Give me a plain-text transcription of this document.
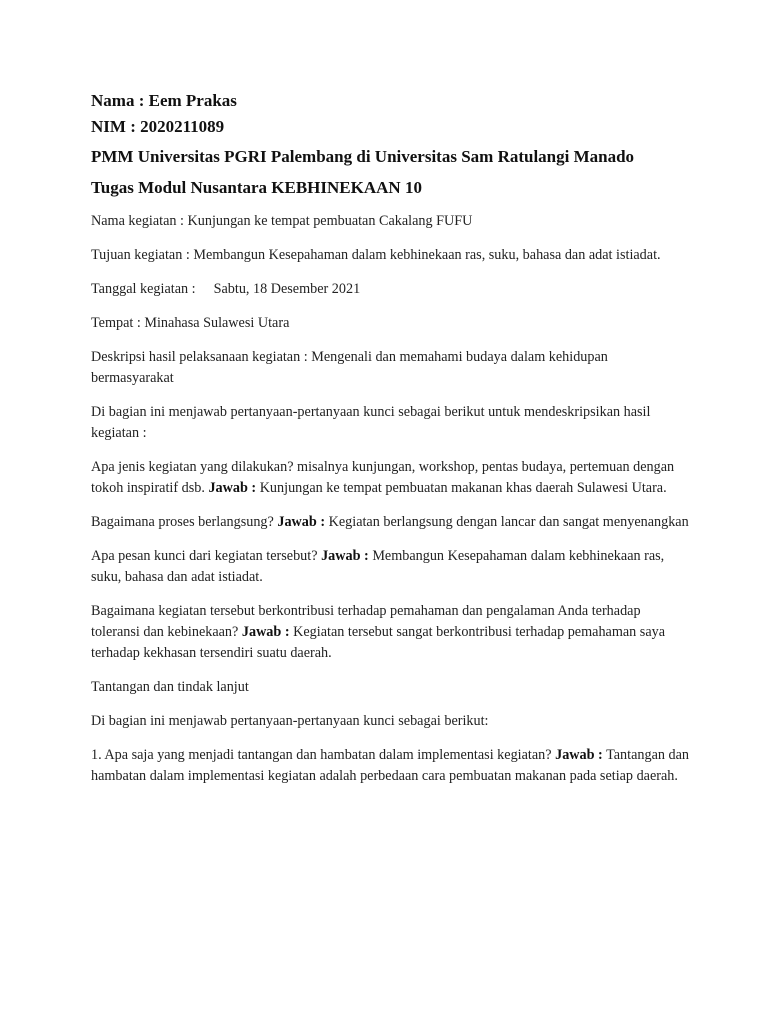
Nama : Eem Prakas

NIM : 2020211089

PMM Universitas PGRI Palembang di Universitas Sam Ratulangi Manado

Tugas Modul Nusantara KEBHINEKAAN 10

Nama kegiatan : Kunjungan ke tempat pembuatan Cakalang FUFU

Tujuan kegiatan : Membangun Kesepahaman dalam kebhinekaan ras, suku, bahasa dan adat istiadat.

Tanggal kegiatan : Sabtu, 18 Desember 2021

Tempat : Minahasa Sulawesi Utara

Deskripsi hasil pelaksanaan kegiatan : Mengenali dan memahami budaya dalam kehidupan bermasyarakat

Di bagian ini menjawab pertanyaan-pertanyaan kunci sebagai berikut untuk mendeskripsikan hasil kegiatan :

Apa jenis kegiatan yang dilakukan? misalnya kunjungan, workshop, pentas budaya, pertemuan dengan tokoh inspiratif dsb. Jawab : Kunjungan ke tempat pembuatan makanan khas daerah Sulawesi Utara.

Bagaimana proses berlangsung? Jawab : Kegiatan berlangsung dengan lancar dan sangat menyenangkan

Apa pesan kunci dari kegiatan tersebut? Jawab : Membangun Kesepahaman dalam kebhinekaan ras, suku, bahasa dan adat istiadat.

Bagaimana kegiatan tersebut berkontribusi terhadap pemahaman dan pengalaman Anda terhadap toleransi dan kebinekaan? Jawab : Kegiatan tersebut sangat berkontribusi terhadap pemahaman saya terhadap kekhasan tersendiri suatu daerah.

Tantangan dan tindak lanjut

Di bagian ini menjawab pertanyaan-pertanyaan kunci sebagai berikut:

1. Apa saja yang menjadi tantangan dan hambatan dalam implementasi kegiatan? Jawab : Tantangan dan hambatan dalam implementasi kegiatan adalah perbedaan cara pembuatan makanan pada setiap daerah.
